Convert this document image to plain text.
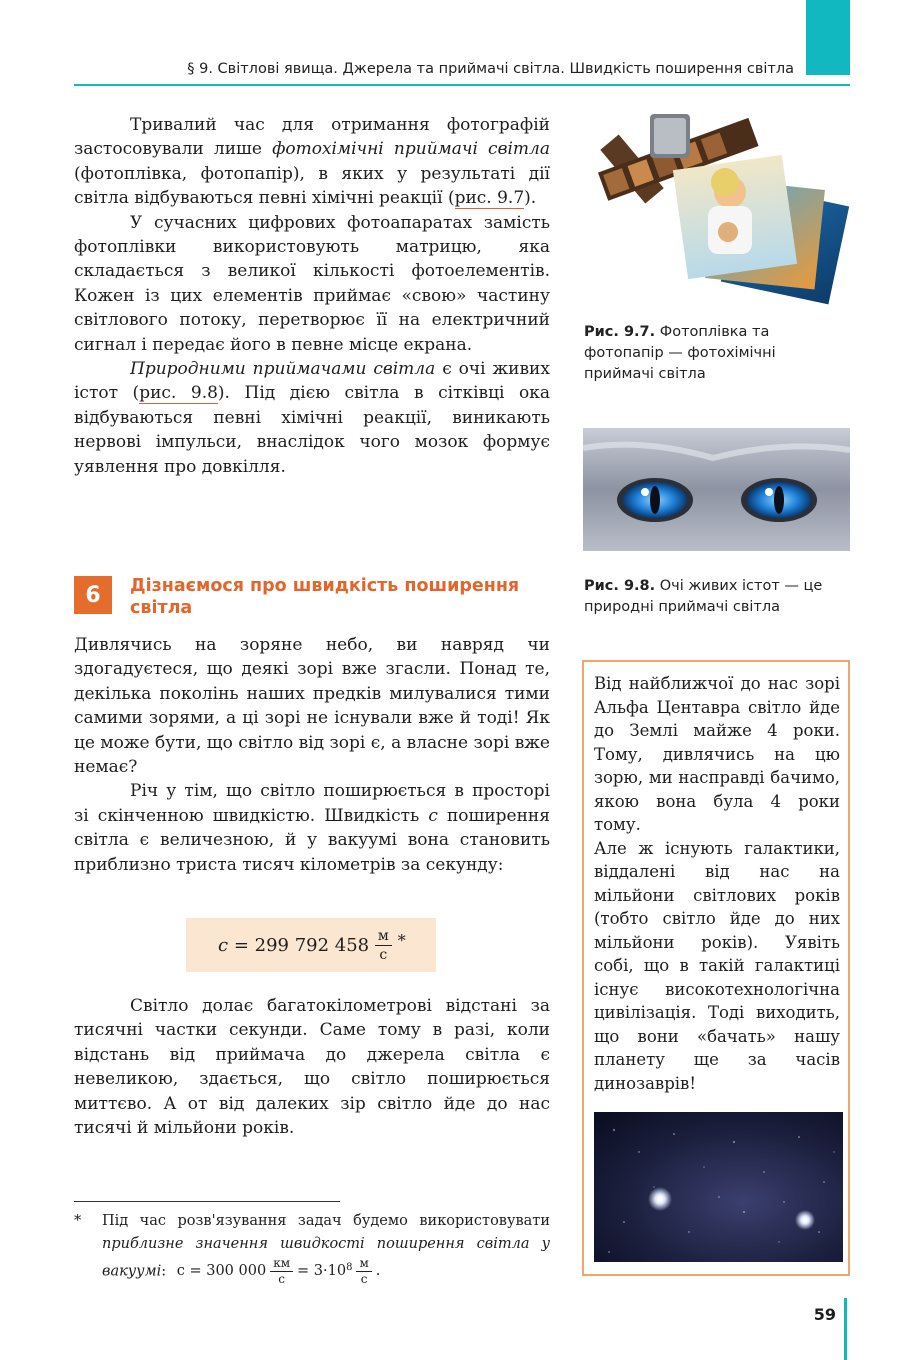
§ 9. Світлові явища. Джерела та приймачі світла. Швидкість поширення світла

Тривалий час для отримання фотографій застосовували лише фотохімічні приймачі світла (фотоплівка, фотопапір), в яких у результаті дії світла відбуваються певні хімічні реакції (рис. 9.7).

У сучасних цифрових фотоапаратах замість фотоплівки використовують матрицю, яка складається з великої кількості фотоелементів. Кожен із цих елементів приймає «свою» частину світлового потоку, перетворює її на електричний сигнал і передає його в певне місце екрана.

Природними приймачами світла є очі живих істот (рис. 9.8). Під дією світла в сітківці ока відбуваються певні хімічні реакції, виникають нервові імпульси, внаслідок чого мозок формує уявлення про довкілля.

6	Дізнаємося про швидкість поширення світла

Дивлячись на зоряне небо, ви навряд чи здогадуєтеся, що деякі зорі вже згасли. Понад те, декілька поколінь наших предків милувалися тими самими зорями, а ці зорі не існували вже й тоді! Як це може бути, що світло від зорі є, а власне зорі вже немає?

Річ у тім, що світло поширюється в просторі зі скінченною швидкістю. Швидкість c поширення світла є величезною, й у вакуумі вона становить приблизно триста тисяч кілометрів за секунду:

c = 299 792 $458 \frac{м}{с}$ *

Світло долає багатокілометрові відстані за тисячні частки секунди. Саме тому в разі, коли відстань від приймача до джерела світла є невеликою, здається, що світло поширюється миттєво. А от від далеких зір світло йде до нас тисячі й мільйони років.

*	Під час розв'язування задач будемо використовувати приблизне значення швидкості поширення світла у вакуумі: c = 300 $000 \frac{км}{с} = 3\cdot 10^8 \frac{м}{с}$ .
Рис. 9.7. Фотоплівка та фотопапір — фотохімічні приймачі світла
Рис. 9.8. Очі живих істот — це природні приймачі світла

Від найближчої до нас зорі Альфа Центавра світло йде до Землі майже 4 роки. Тому, дивлячись на цю зорю, ми насправді бачимо, якою вона була 4 роки тому.

Але ж існують галактики, віддалені від нас на мільйони світлових років (тобто світло йде до них мільйони років). Уявіть собі, що в такій галактиці існує високотехнологічна цивілізація. Тоді виходить, що вони «бачать» нашу планету ще за часів динозаврів!

59
